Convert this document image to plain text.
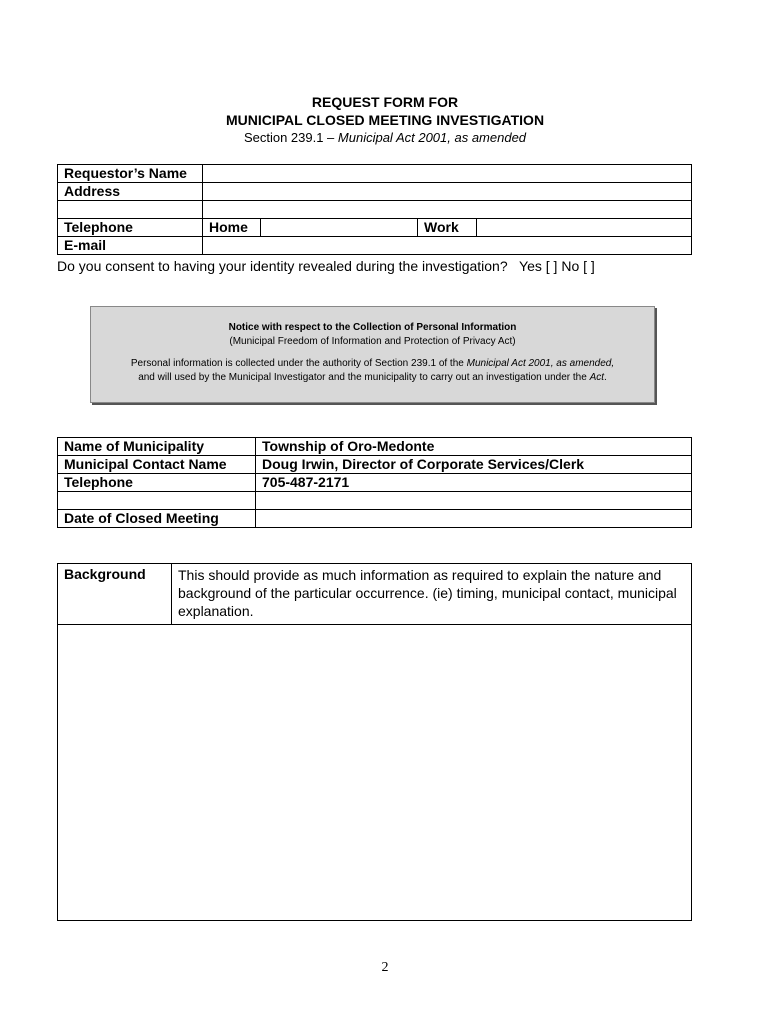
REQUEST FORM FOR
MUNICIPAL CLOSED MEETING INVESTIGATION
Section 239.1 – Municipal Act 2001, as amended
Requestor’s Name				
Address				

Telephone	Home		Work	
E-mail				
Do you consent to having your identity revealed during the investigation? Yes [ ] No [ ]
Notice with respect to the Collection of Personal Information
(Municipal Freedom of Information and Protection of Privacy Act)
Personal information is collected under the authority of Section 239.1 of the Municipal Act 2001, as amended,
and will used by the Municipal Investigator and the municipality to carry out an investigation under the Act.
Name of Municipality	Township of Oro-Medonte
Municipal Contact Name	Doug Irwin, Director of Corporate Services/Clerk
Telephone	705-487-2171

Date of Closed Meeting	
Background	This should provide as much information as required to explain the nature and background of the particular occurrence. (ie) timing, municipal contact, municipal explanation.

2
